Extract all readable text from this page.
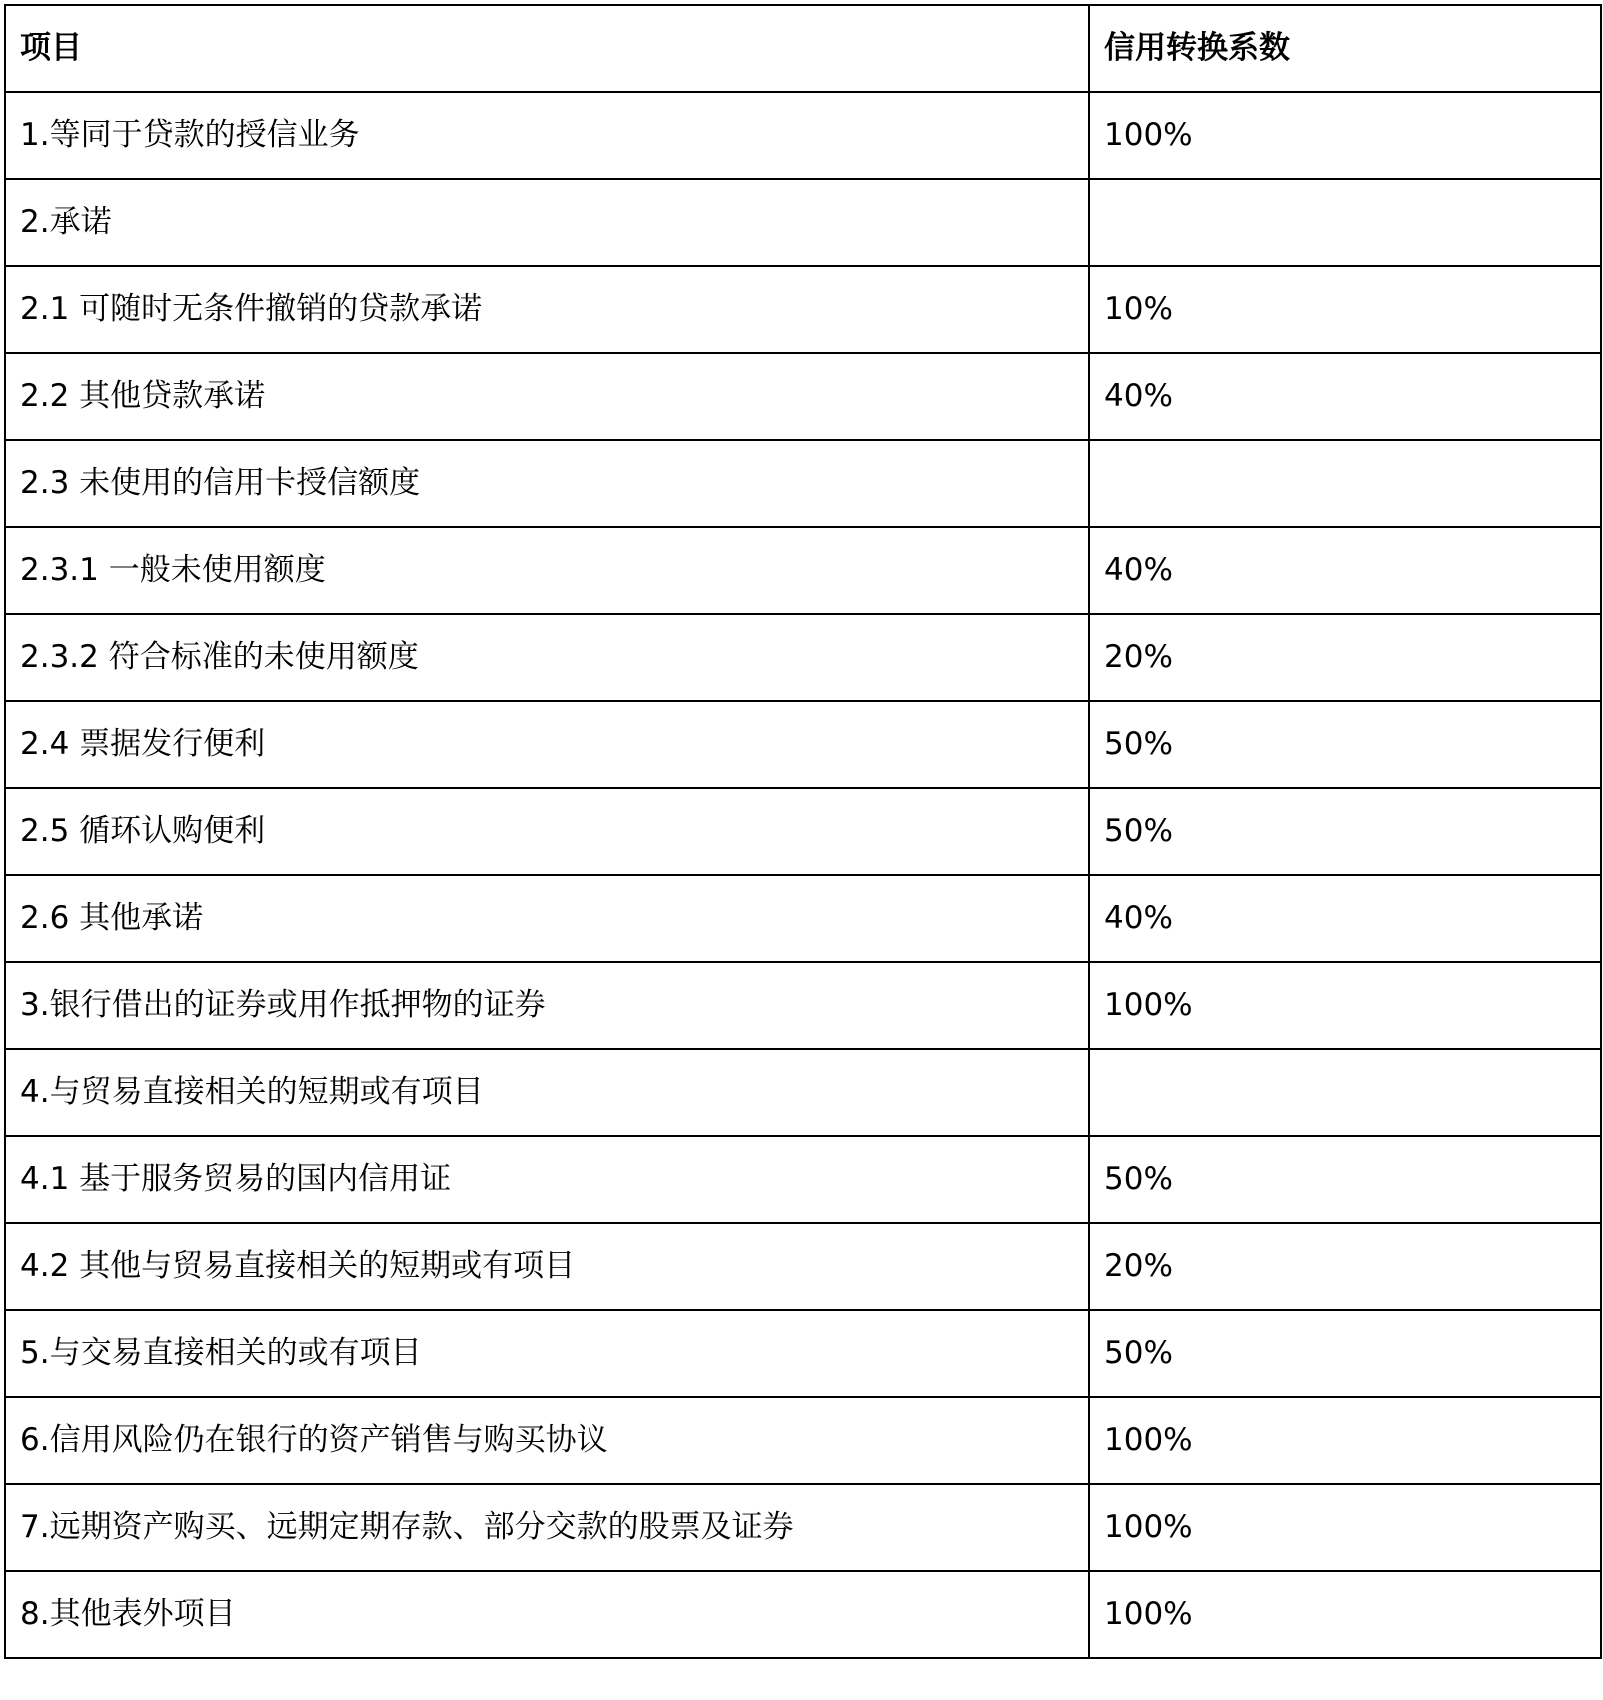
项目	信用转换系数
1.等同于贷款的授信业务	100%
2.承诺	
2.1 可随时无条件撤销的贷款承诺	10%
2.2 其他贷款承诺	40%
2.3 未使用的信用卡授信额度	
2.3.1 一般未使用额度	40%
2.3.2 符合标准的未使用额度	20%
2.4 票据发行便利	50%
2.5 循环认购便利	50%
2.6 其他承诺	40%
3.银行借出的证券或用作抵押物的证券	100%
4.与贸易直接相关的短期或有项目	
4.1 基于服务贸易的国内信用证	50%
4.2 其他与贸易直接相关的短期或有项目	20%
5.与交易直接相关的或有项目	50%
6.信用风险仍在银行的资产销售与购买协议	100%
7.远期资产购买、远期定期存款、部分交款的股票及证券	100%
8.其他表外项目	100%
